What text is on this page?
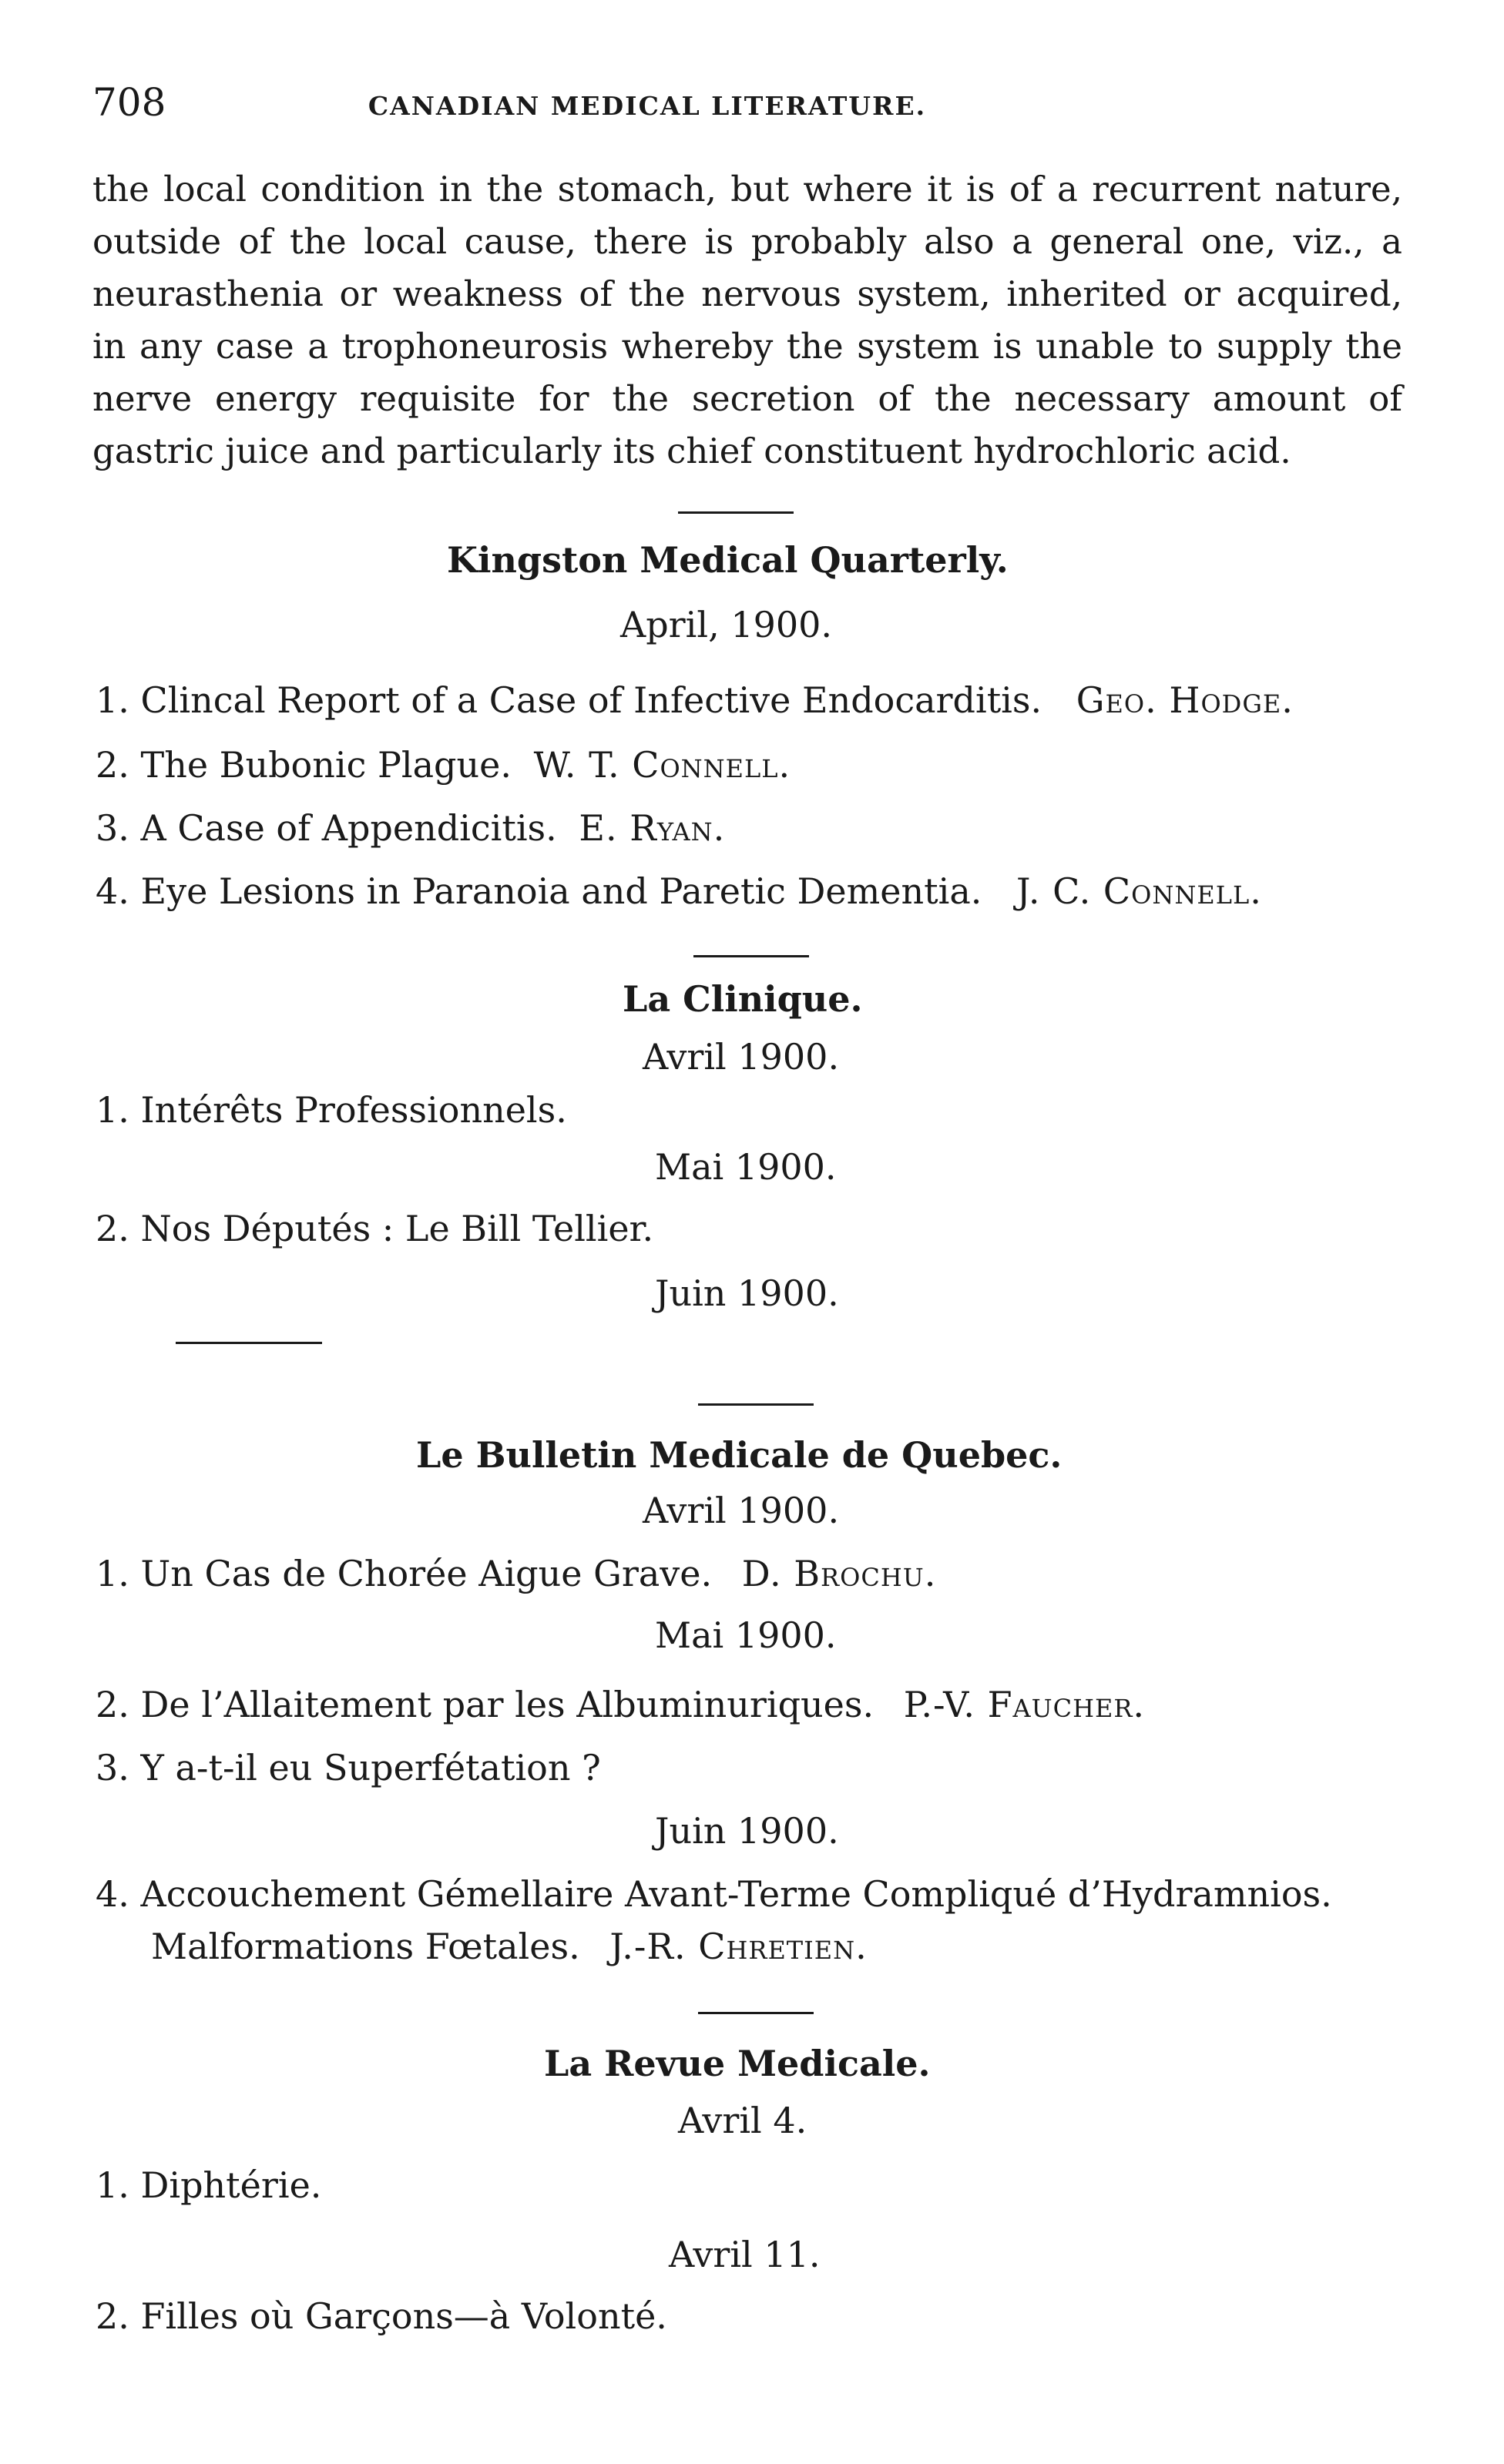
708	CANADIAN MEDICAL LITERATURE.

the local condition in the stomach, but where it is of a recurrent nature, outside of the local cause, there is probably also a general one, viz., a neurasthenia or weakness of the nervous system, inherited or acquired, in any case a trophoneurosis whereby the system is unable to supply the nerve energy requisite for the secretion of the necessary amount of gastric juice and particularly its chief constituent hydrochloric acid.

Kingston Medical Quarterly.
April, 1900.
1. Clincal Report of a Case of Infective Endocarditis. Geo. Hodge.
2. The Bubonic Plague. W. T. Connell.
3. A Case of Appendicitis. E. Ryan.
4. Eye Lesions in Paranoia and Paretic Dementia. J. C. Connell.
La Clinique.
Avril 1900.
1. Intérêts Professionnels.
Mai 1900.
2. Nos Députés : Le Bill Tellier.
Juin 1900.
Le Bulletin Medicale de Quebec.
Avril 1900.
1. Un Cas de Chorée Aigue Grave. D. Brochu.
Mai 1900.
2. De l’Allaitement par les Albuminuriques. P.-V. Faucher.
3. Y a-t-il eu Superfétation ?
Juin 1900.
4. Accouchement Gémellaire Avant-Terme Compliqué d’Hydramnios.
Malformations Fœtales. J.-R. Chretien.
La Revue Medicale.
Avril 4.
1. Diphtérie.
Avril 11.
2. Filles où Garçons—à Volonté.
